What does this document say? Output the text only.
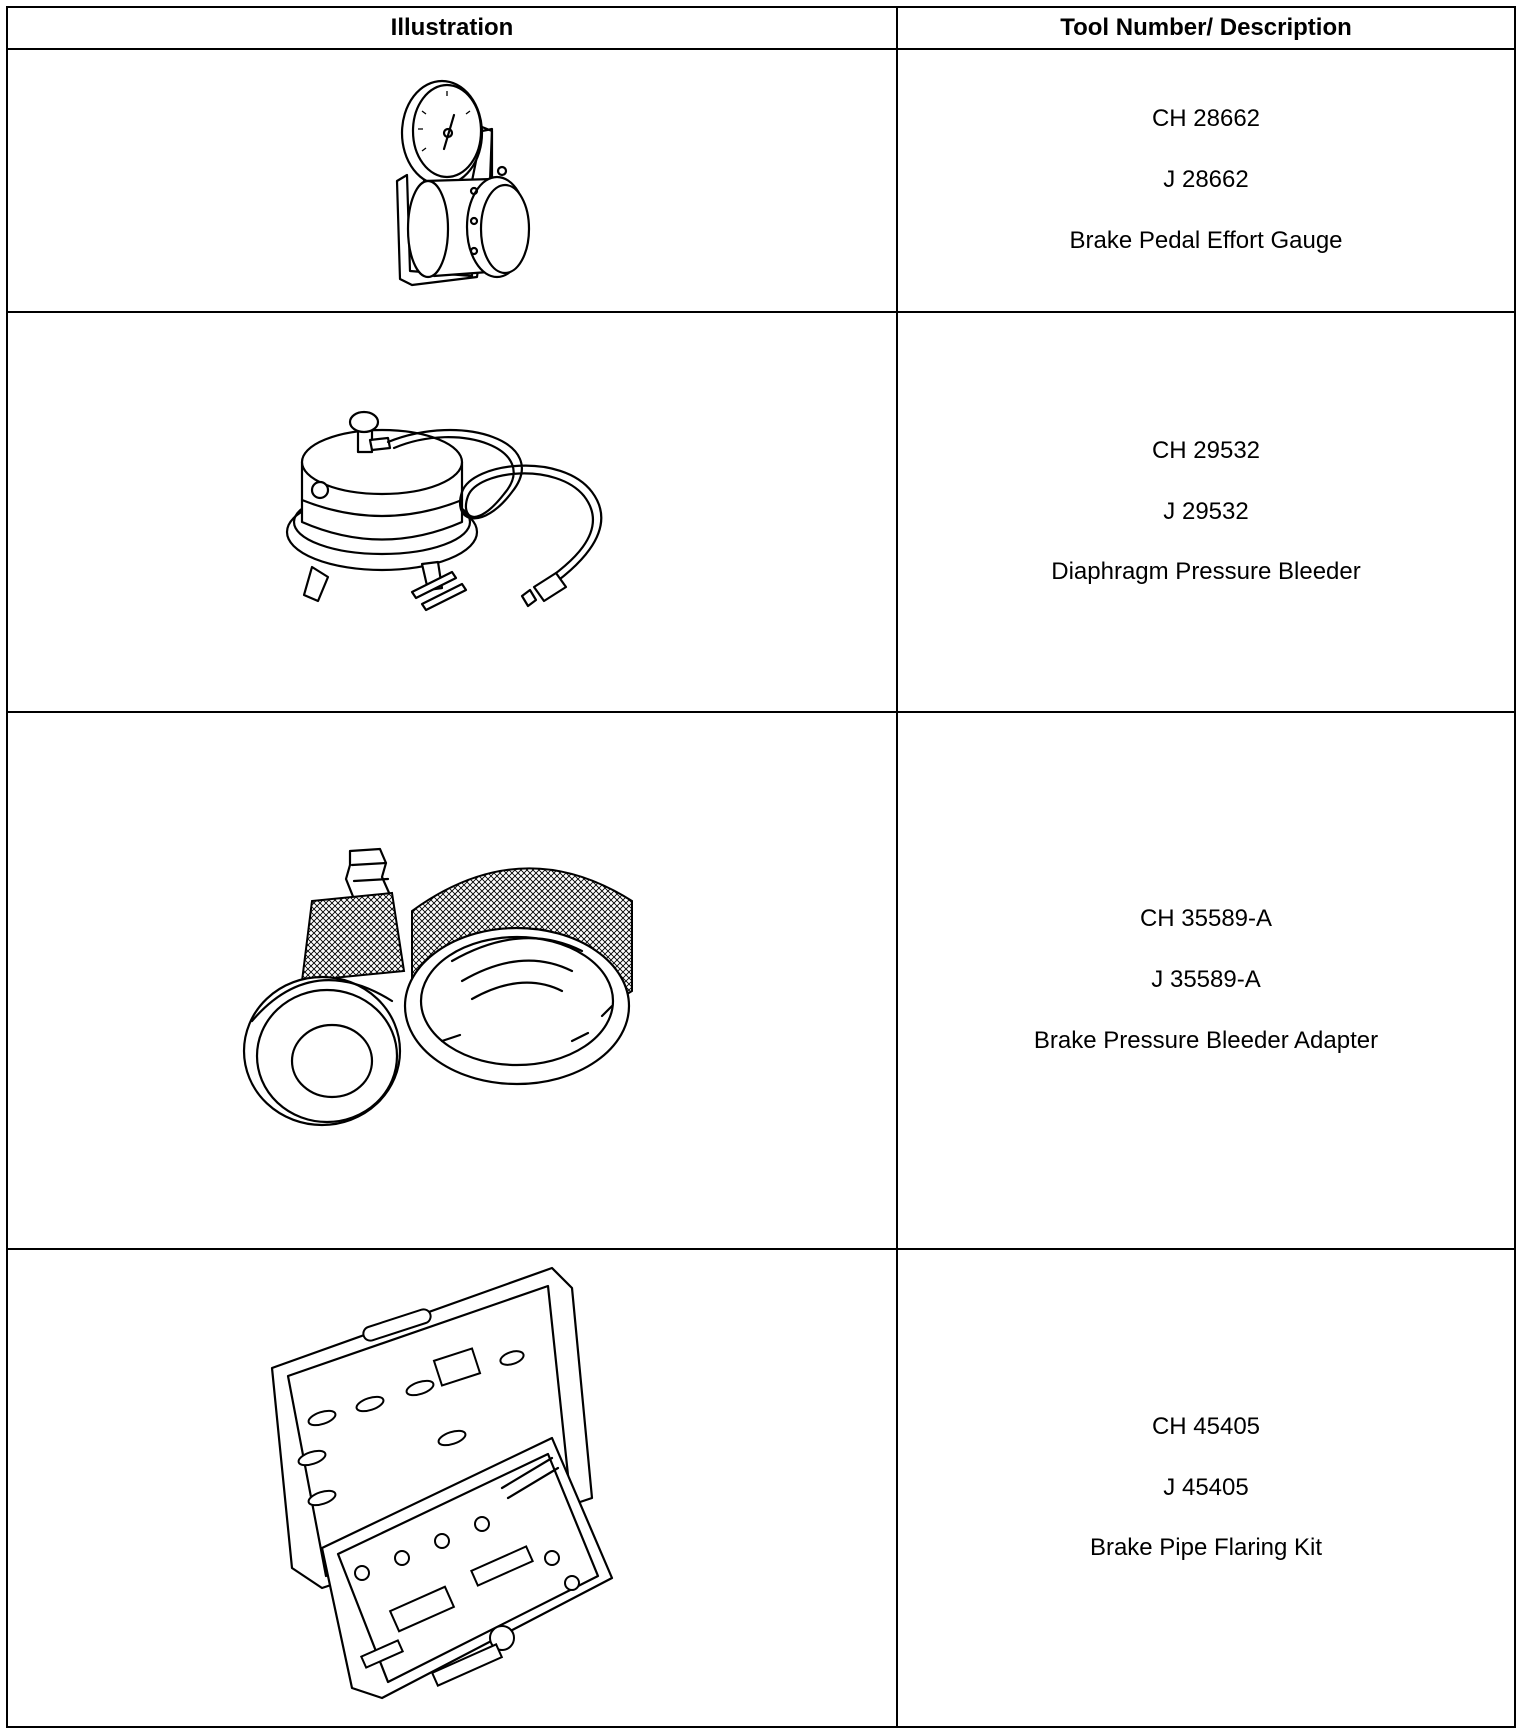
Illustration	Tool Number/ Description

CH 28662
J 28662
Brake Pedal Effort Gauge

CH 29532
J 29532
Diaphragm Pressure Bleeder

CH 35589-A
J 35589-A
Brake Pressure Bleeder Adapter

CH 45405
J 45405
Brake Pipe Flaring Kit
